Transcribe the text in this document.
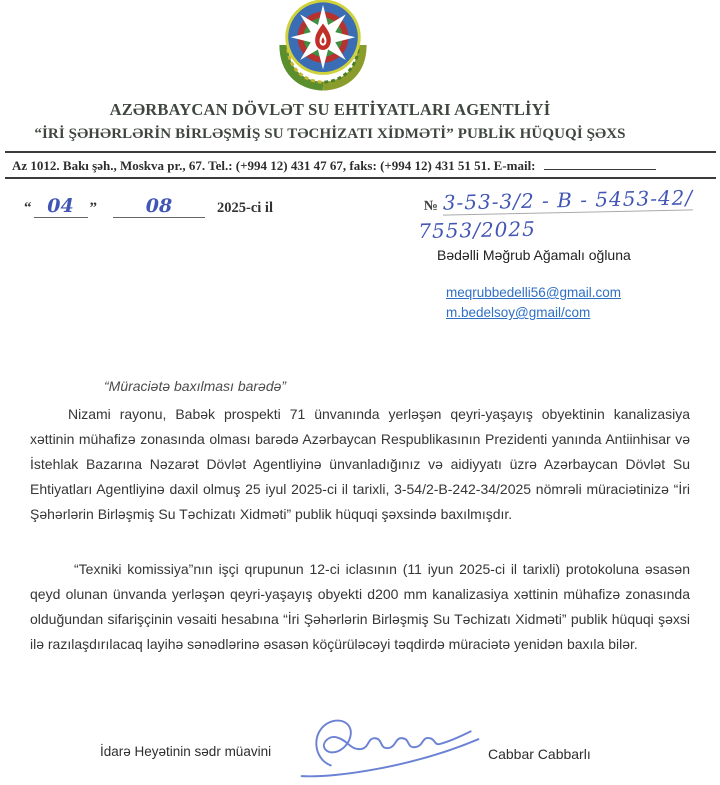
AZƏRBAYCAN DÖVLƏT SU EHTİYATLARI AGENTLİYİ
“İRİ ŞƏHƏRLƏRİN BİRLƏŞMİŞ SU TƏCHİZATI XİDMƏTİ” PUBLİK HÜQUQİ ŞƏXS
Az 1012. Bakı şəh., Moskva pr., 67. Tel.: (+994 12) 431 47 67, faks: (+994 12) 431 51 51. E-mail:
“ 04 ”	08	2025-ci il	№ 3-53-3/2 - B - 5453-42/
7553/2025
Bədəlli Məğrub Ağamalı oğluna
meqrubbedelli56@gmail.com
m.bedelsoy@gmail/com
“Müraciətə baxılması barədə”

Nizami rayonu, Babək prospekti 71 ünvanında yerləşən qeyri-yaşayış obyektinin kanalizasiya xəttinin mühafizə zonasında olması barədə Azərbaycan Respublikasının Prezidenti yanında Antiinhisar və İstehlak Bazarına Nəzarət Dövlət Agentliyinə ünvanladığınız və aidiyyatı üzrə Azərbaycan Dövlət Su Ehtiyatları Agentliyinə daxil olmuş 25 iyul 2025-ci il tarixli, 3-54/2-B-242-34/2025 nömrəli müraciətinizə “İri Şəhərlərin Birləşmiş Su Təchizatı Xidməti” publik hüquqi şəxsində baxılmışdır.

“Texniki komissiya”nın işçi qrupunun 12-ci iclasının (11 iyun 2025-ci il tarixli) protokoluna əsasən qeyd olunan ünvanda yerləşən qeyri-yaşayış obyekti d200 mm kanalizasiya xəttinin mühafizə zonasında olduğundan sifarişçinin vəsaiti hesabına “İri Şəhərlərin Birləşmiş Su Təchizatı Xidməti” publik hüquqi şəxsi ilə razılaşdırılacaq layihə sənədlərinə əsasən köçürüləcəyi təqdirdə müraciətə yenidən baxıla bilər.

İdarə Heyətinin sədr müavini	Cabbar Cabbarlı
